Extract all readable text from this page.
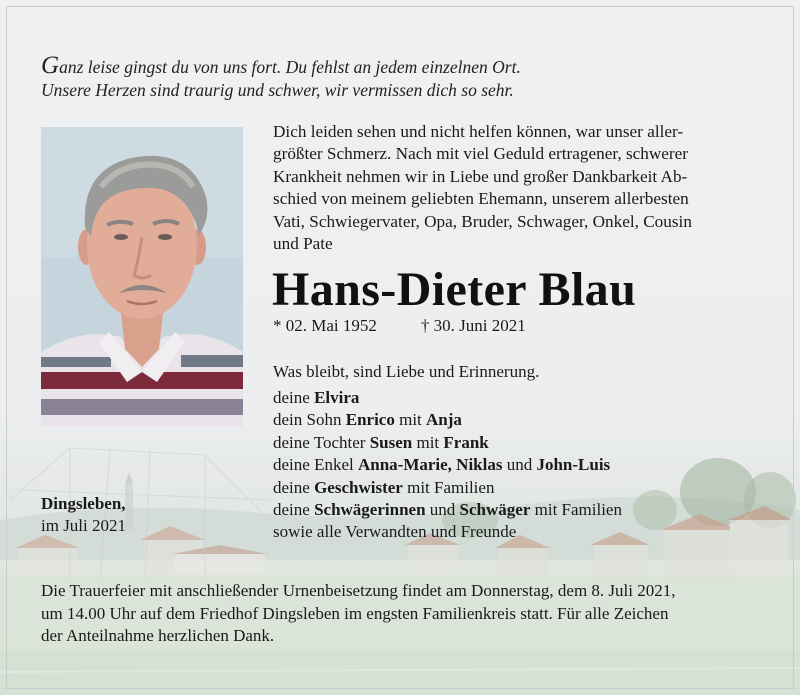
Ganz leise gingst du von uns fort. Du fehlst an jedem einzelnen Ort.
Unsere Herzen sind traurig und schwer, wir vermissen dich so sehr.
Dich leiden sehen und nicht helfen können, war unser aller-
größter Schmerz. Nach mit viel Geduld ertragener, schwerer
Krankheit nehmen wir in Liebe und großer Dankbarkeit Ab-
schied von meinem geliebten Ehemann, unserem allerbesten
Vati, Schwiegervater, Opa, Bruder, Schwager, Onkel, Cousin
und Pate
Hans-Dieter Blau
* 02. Mai 1952	† 30. Juni 2021
Was bleibt, sind Liebe und Erinnerung.
deine Elvira
dein Sohn Enrico mit Anja
deine Tochter Susen mit Frank
deine Enkel Anna-Marie, Niklas und John-Luis
deine Geschwister mit Familien
deine Schwägerinnen und Schwäger mit Familien
sowie alle Verwandten und Freunde
Dingsleben,
im Juli 2021
Die Trauerfeier mit anschließender Urnenbeisetzung findet am Donnerstag, dem 8. Juli 2021,
um 14.00 Uhr auf dem Friedhof Dingsleben im engsten Familienkreis statt. Für alle Zeichen
der Anteilnahme herzlichen Dank.
